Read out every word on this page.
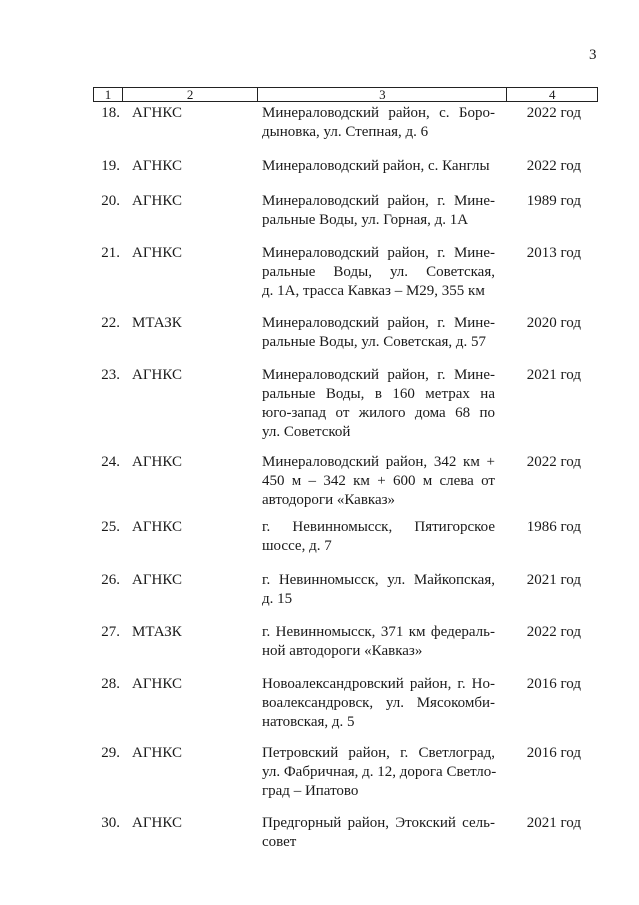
3
1	2	3	4
18. АГНКС	Минераловодский район, с. Боро-
дыновка, ул. Степная, д. 6
2022 год
19. АГНКС	Минераловодский район, с. Канглы	2022 год
20. АГНКС	Минераловодский район, г. Мине-
ральные Воды, ул. Горная, д. 1А
1989 год
21. АГНКС	Минераловодский район, г. Мине-
ральные Воды, ул. Советская,
д. 1А, трасса Кавказ – М29, 355 км
2013 год
22. МТАЗК	Минераловодский район, г. Мине-
ральные Воды, ул. Советская, д. 57
2020 год
23. АГНКС	Минераловодский район, г. Мине-
ральные Воды, в 160 метрах на
юго-запад от жилого дома 68 по
ул. Советской
2021 год
24. АГНКС	Минераловодский район, 342 км +
450 м – 342 км + 600 м слева от
автодороги «Кавказ»
2022 год
25. АГНКС	г. Невинномысск, Пятигорское
шоссе, д. 7
1986 год
26. АГНКС	г. Невинномысск, ул. Майкопская,
д. 15
2021 год
27. МТАЗК	г. Невинномысск, 371 км федераль-
ной автодороги «Кавказ»
2022 год
28. АГНКС	Новоалександровский район, г. Но-
воалександровск, ул. Мясокомби-
натовская, д. 5
2016 год
29. АГНКС	Петровский район, г. Светлоград,
ул. Фабричная, д. 12, дорога Светло-
град – Ипатово
2016 год
30. АГНКС	Предгорный район, Этокский сель-
совет
2021 год
